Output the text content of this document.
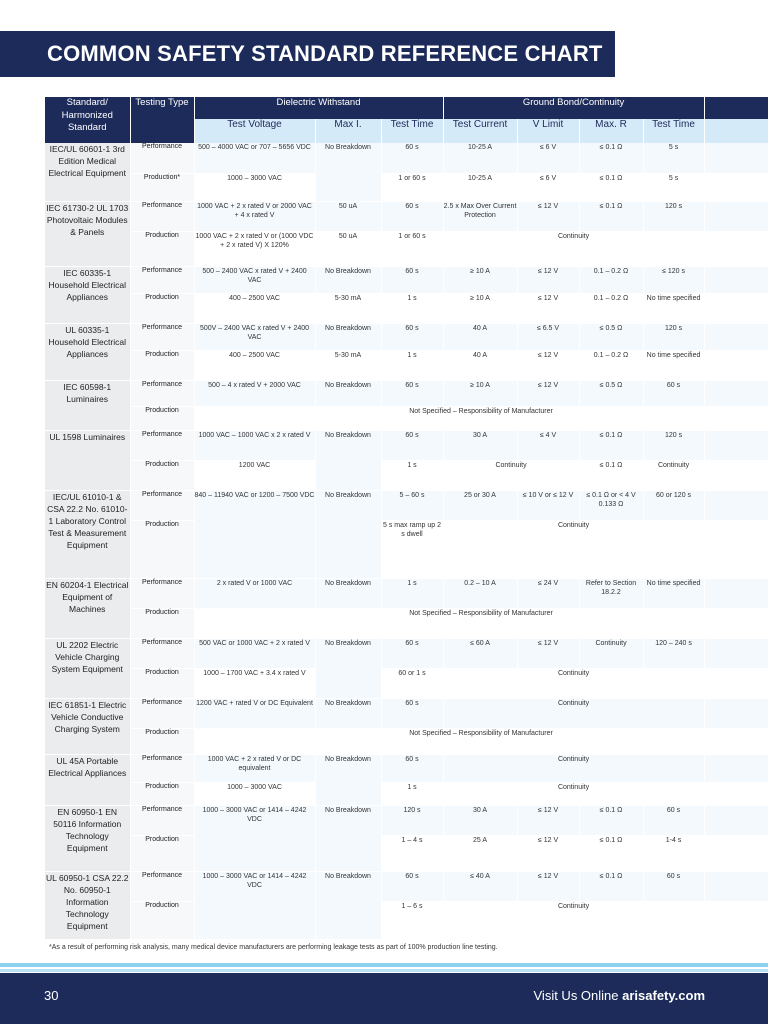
COMMON SAFETY STANDARD REFERENCE CHART
Standard/ Harmonized Standard	Testing Type	Dielectric Withstand			Ground Bond/Continuity				
		Test Voltage	Max I.	Test Time	Test Current	V Limit	Max. R	Test Time	
IEC/UL 60601-1 3rd Edition Medical Electrical Equipment	Performance	500 – 4000 VAC or 707 – 5656 VDC	No Breakdown	60 s	10-25 A	≤ 6 V	≤ 0.1 Ω	5 s	
	Production*	1000 – 3000 VAC		1 or 60 s	10-25 A	≤ 6 V	≤ 0.1 Ω	5 s	
IEC 61730-2 UL 1703 Photovoltaic Modules & Panels	Performance	1000 VAC + 2 x rated V or 2000 VAC + 4 x rated V	50 uA	60 s	2.5 x Max Over Current Protection	≤ 12 V	≤ 0.1 Ω	120 s	
	Production	1000 VAC + 2 x rated V or (1000 VDC + 2 x rated V) X 120%	50 uA	1 or 60 s	Continuity				
IEC 60335-1 Household Electrical Appliances	Performance	500 – 2400 VAC x rated V + 2400 VAC	No Breakdown	60 s	≥ 10 A	≤ 12 V	0.1 – 0.2 Ω	≤ 120 s	
	Production	400 – 2500 VAC	5-30 mA	1 s	≥ 10 A	≤ 12 V	0.1 – 0.2 Ω	No time specified	
UL 60335-1 Household Electrical Appliances	Performance	500V – 2400 VAC x rated V + 2400 VAC	No Breakdown	60 s	40 A	≤ 6.5 V	≤ 0.5 Ω	120 s	
	Production	400 – 2500 VAC	5-30 mA	1 s	40 A	≤ 12 V	0.1 – 0.2 Ω	No time specified	
IEC 60598-1 Luminaires	Performance	500 – 4 x rated V + 2000 VAC	No Breakdown	60 s	≥ 10 A	≤ 12 V	≤ 0.5 Ω	60 s	
	Production	Not Specified – Responsibility of Manufacturer							
UL 1598 Luminaires	Performance	1000 VAC – 1000 VAC x 2 x rated V	No Breakdown	60 s	30 A	≤ 4 V	≤ 0.1 Ω	120 s	
	Production	1200 VAC		1 s	Continuity		≤ 0.1 Ω	Continuity	
IEC/UL 61010-1 & CSA 22.2 No. 61010-1 Laboratory Control Test & Measurement Equipment	Performance	840 – 11940 VAC or 1200 – 7500 VDC	No Breakdown	5 – 60 s	25 or 30 A	≤ 10 V or ≤ 12 V	≤ 0.1 Ω or < 4 V 0.133 Ω	60 or 120 s	
	Production			5 s max ramp up 2 s dwell	Continuity				
EN 60204-1 Electrical Equipment of Machines	Performance	2 x rated V or 1000 VAC	No Breakdown	1 s	0.2 – 10 A	≤ 24 V	Refer to Section 18.2.2	No time specified	
	Production	Not Specified – Responsibility of Manufacturer							
UL 2202 Electric Vehicle Charging System Equipment	Performance	500 VAC or 1000 VAC + 2 x rated V	No Breakdown	60 s	≤ 60 A	≤ 12 V	Continuity	120 – 240 s	
	Production	1000 – 1700 VAC + 3.4 x rated V		60 or 1 s	Continuity				
IEC 61851-1 Electric Vehicle Conductive Charging System	Performance	1200 VAC + rated V or DC Equivalent	No Breakdown	60 s	Continuity				
	Production	Not Specified – Responsibility of Manufacturer							
UL 45A Portable Electrical Appliances	Performance	1000 VAC + 2 x rated V or DC equivalent	No Breakdown	60 s	Continuity				
	Production	1000 – 3000 VAC		1 s	Continuity				
EN 60950-1 EN 50116 Information Technology Equipment	Performance	1000 – 3000 VAC or 1414 – 4242 VDC	No Breakdown	120 s	30 A	≤ 12 V	≤ 0.1 Ω	60 s	
	Production			1 – 4 s	25 A	≤ 12 V	≤ 0.1 Ω	1-4 s	
UL 60950-1 CSA 22.2 No. 60950-1 Information Technology Equipment	Performance	1000 – 3000 VAC or 1414 – 4242 VDC	No Breakdown	60 s	≤ 40 A	≤ 12 V	≤ 0.1 Ω	60 s	
	Production			1 – 6 s	Continuity				
*As a result of performing risk analysis, many medical device manufacturers are performing leakage tests as part of 100% production line testing.
30	Visit Us Online arisafety.com
